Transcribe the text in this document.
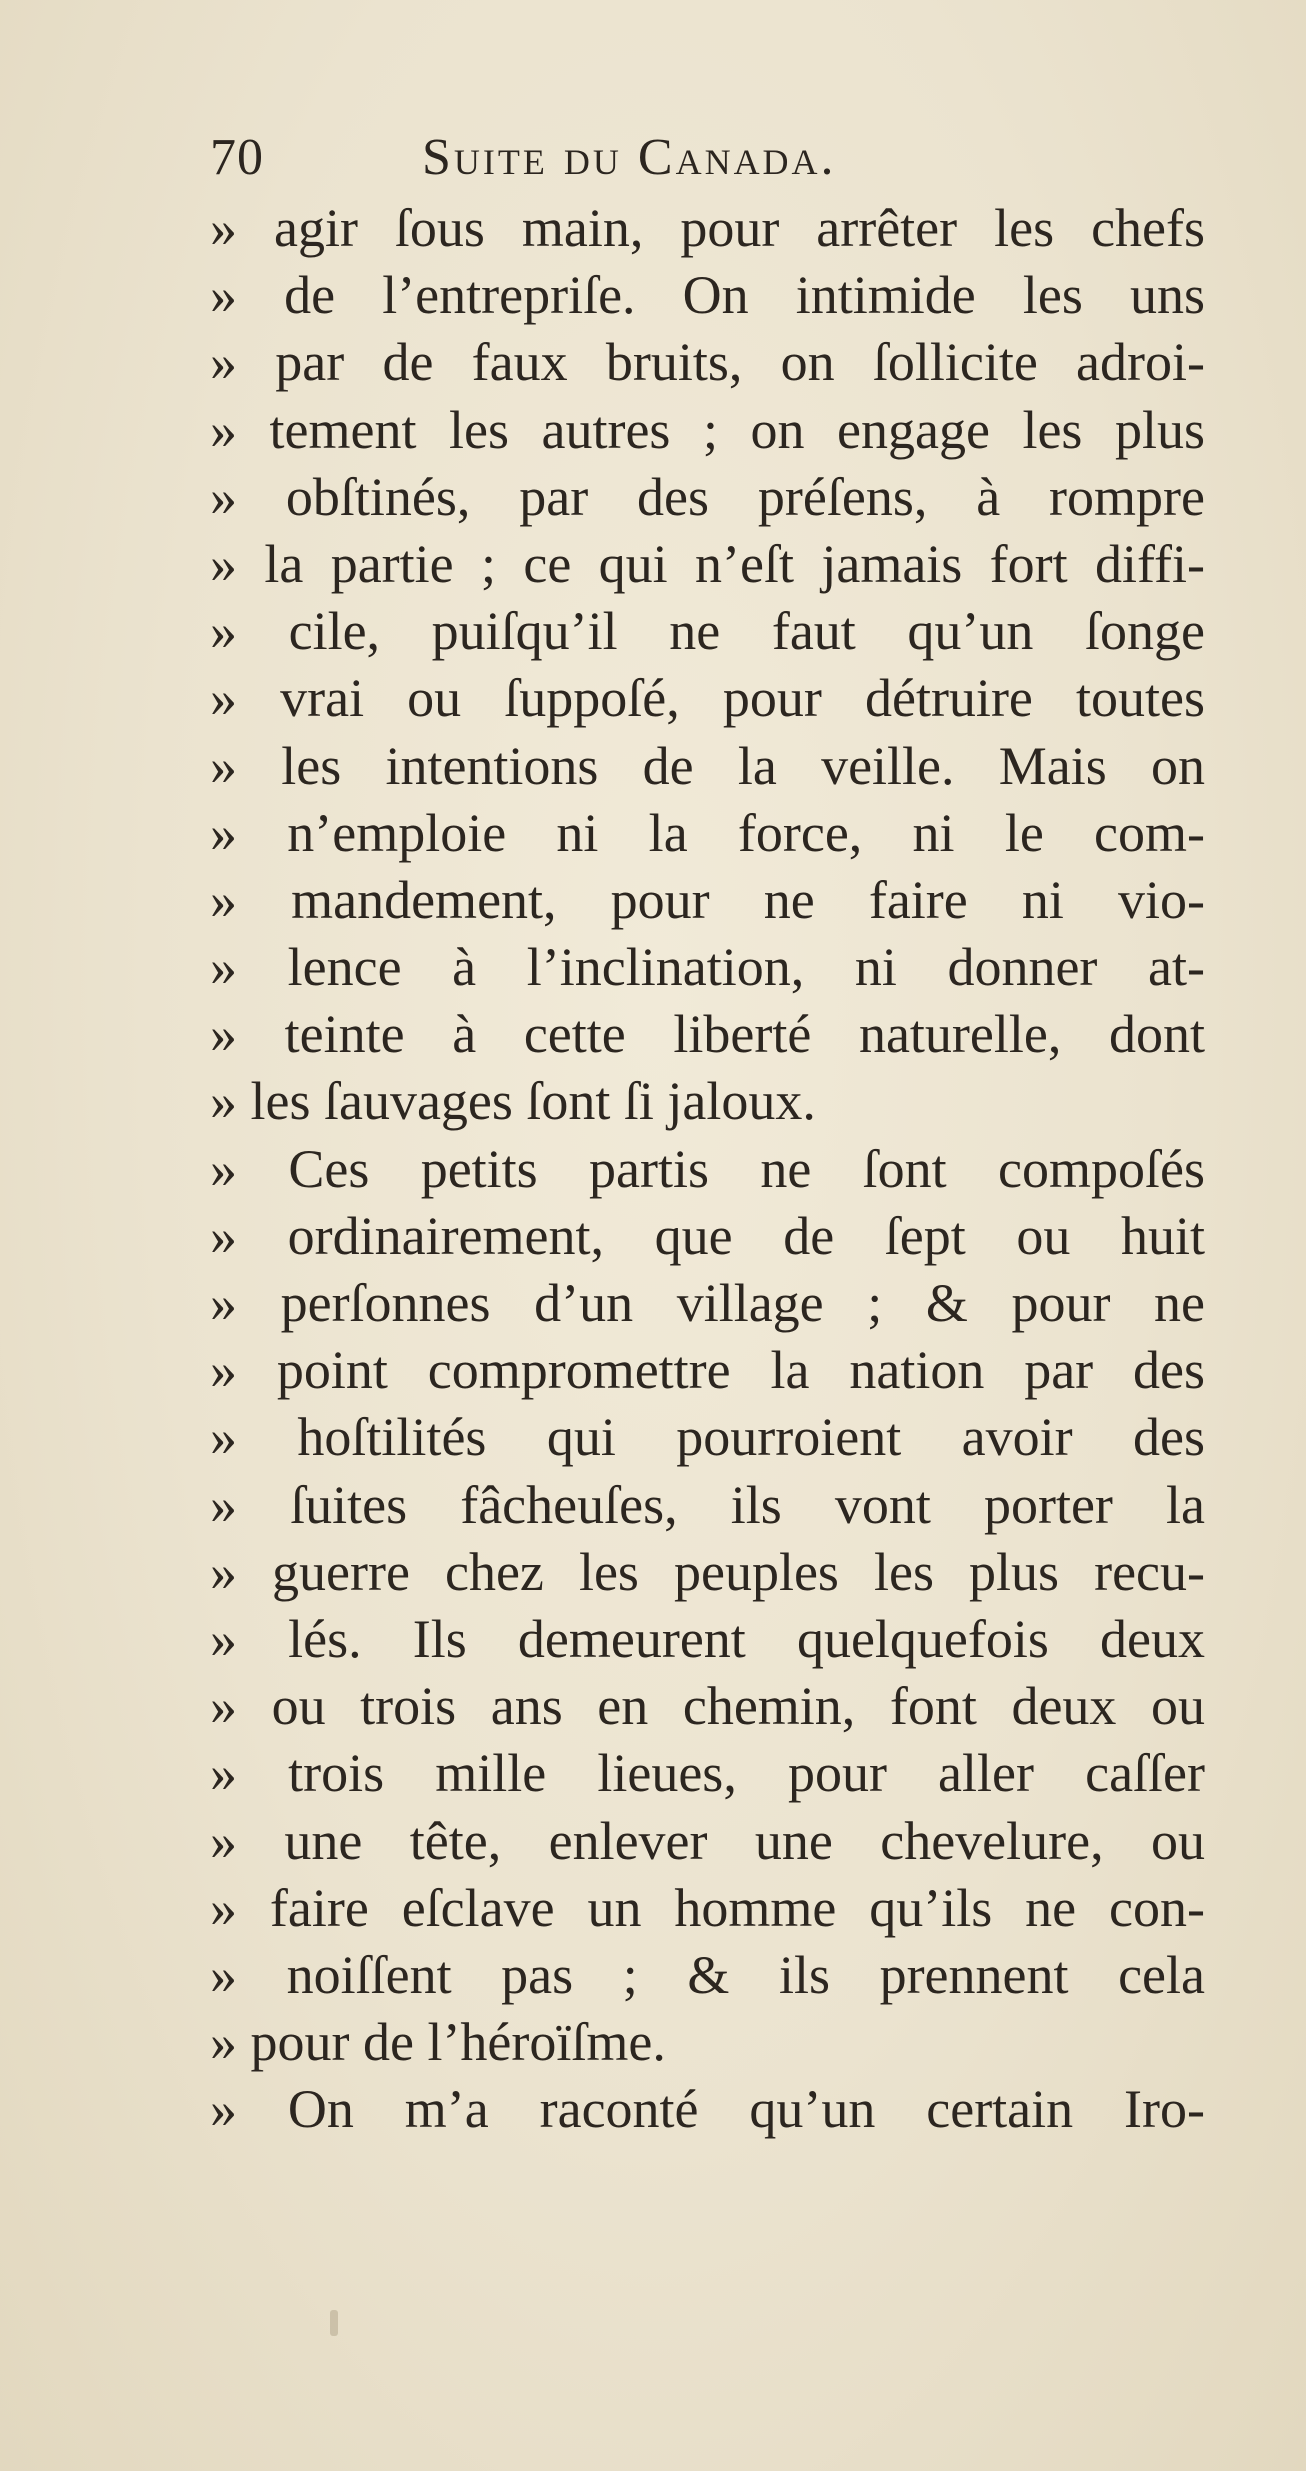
70	Suite du Canada.
» agir ſous main, pour arrêter les chefs
» de l’entrepriſe. On intimide les uns
» par de faux bruits, on ſollicite adroi-
» tement les autres ; on engage les plus
» obſtinés, par des préſens, à rompre
» la partie ; ce qui n’eſt jamais fort diffi-
» cile, puiſqu’il ne faut qu’un ſonge
» vrai ou ſuppoſé, pour détruire toutes
» les intentions de la veille. Mais on
» n’emploie ni la force, ni le com-
» mandement, pour ne faire ni vio-
» lence à l’inclination, ni donner at-
» teinte à cette liberté naturelle, dont
» les ſauvages ſont ſi jaloux.
» Ces petits partis ne ſont compoſés
» ordinairement, que de ſept ou huit
» perſonnes d’un village ; & pour ne
» point compromettre la nation par des
» hoſtilités qui pourroient avoir des
» ſuites fâcheuſes, ils vont porter la
» guerre chez les peuples les plus recu-
» lés. Ils demeurent quelquefois deux
» ou trois ans en chemin, font deux ou
» trois mille lieues, pour aller caſſer
» une tête, enlever une chevelure, ou
» faire eſclave un homme qu’ils ne con-
» noiſſent pas ; & ils prennent cela
» pour de l’héroïſme.
» On m’a raconté qu’un certain Iro-
